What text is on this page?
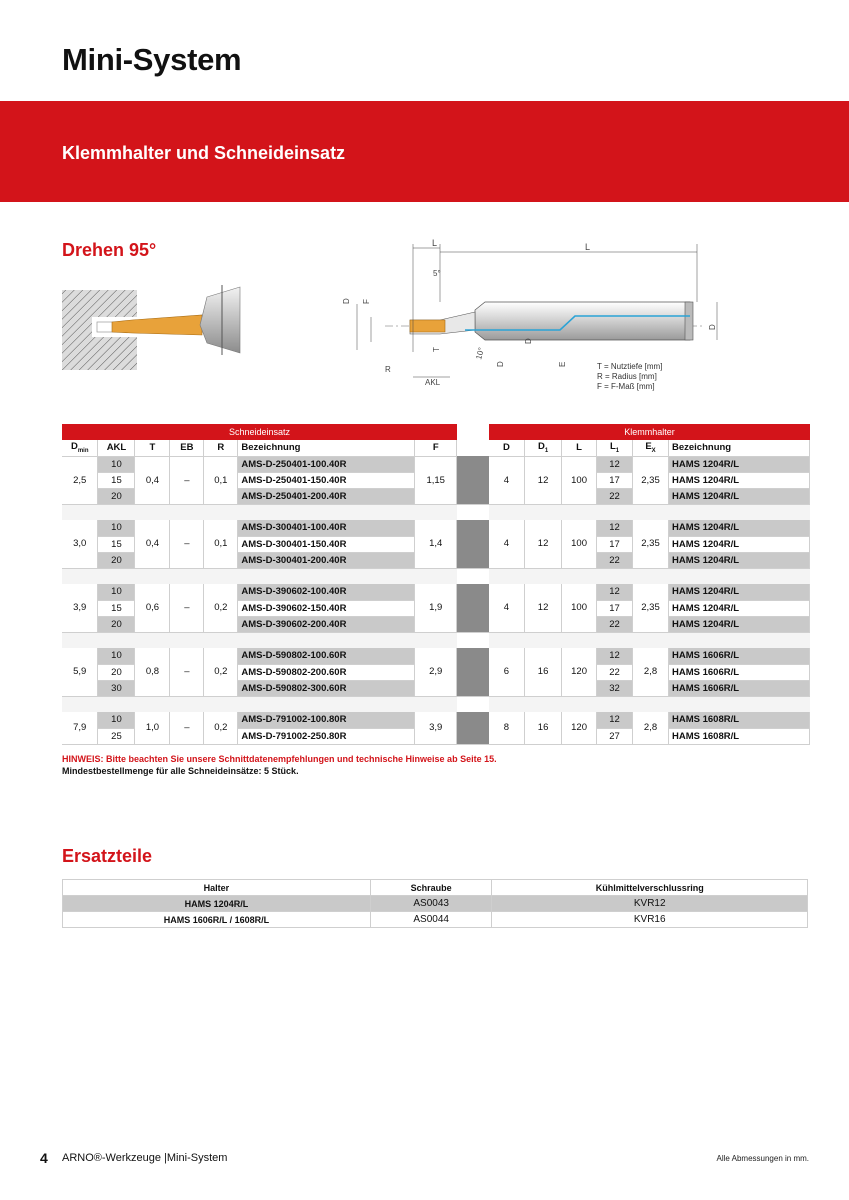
Mini-System
Klemmhalter und Schneideinsatz
Drehen 95°	L	L
5°
D F
T
R
AKL
10°
D
D
E
D
T = Nutztiefe [mm]
R = Radius [mm]
F = F-Maß [mm]
Schneideinsatz	Klemmhalter
$D_{min}$	AKL	T	EB	R	Bezeichnung	F		D	$D_1$	L	$L_1$	$E_X$	Bezeichnung
2,5	10	0,4	–	0,1	AMS-D-250401-100.40R	1,15		4	12	100	12	2,35	HAMS 1204R/L
	15				AMS-D-250401-150.40R						17		HAMS 1204R/L
	20				AMS-D-250401-200.40R						22		HAMS 1204R/L

3,0	10	0,4	–	0,1	AMS-D-300401-100.40R	1,4		4	12	100	12	2,35	HAMS 1204R/L
	15				AMS-D-300401-150.40R						17		HAMS 1204R/L
	20				AMS-D-300401-200.40R						22		HAMS 1204R/L

3,9	10	0,6	–	0,2	AMS-D-390602-100.40R	1,9		4	12	100	12	2,35	HAMS 1204R/L
	15				AMS-D-390602-150.40R						17		HAMS 1204R/L
	20				AMS-D-390602-200.40R						22		HAMS 1204R/L

5,9	10	0,8	–	0,2	AMS-D-590802-100.60R	2,9		6	16	120	12	2,8	HAMS 1606R/L
	20				AMS-D-590802-200.60R						22		HAMS 1606R/L
	30				AMS-D-590802-300.60R						32		HAMS 1606R/L

7,9	10	1,0	–	0,2	AMS-D-791002-100.80R	3,9		8	16	120	12	2,8	HAMS 1608R/L
	25				AMS-D-791002-250.80R						27		HAMS 1608R/L
HINWEIS: Bitte beachten Sie unsere Schnittdatenempfehlungen und technische Hinweise ab Seite 15.
Mindestbestellmenge für alle Schneideinsätze: 5 Stück.
Ersatzteile
Halter	Schraube	Kühlmittelverschlussring
HAMS 1204R/L	AS0043	KVR12
HAMS 1606R/L / 1608R/L	AS0044	KVR16
4 ARNO®-Werkzeuge |Mini-System	Alle Abmessungen in mm.
